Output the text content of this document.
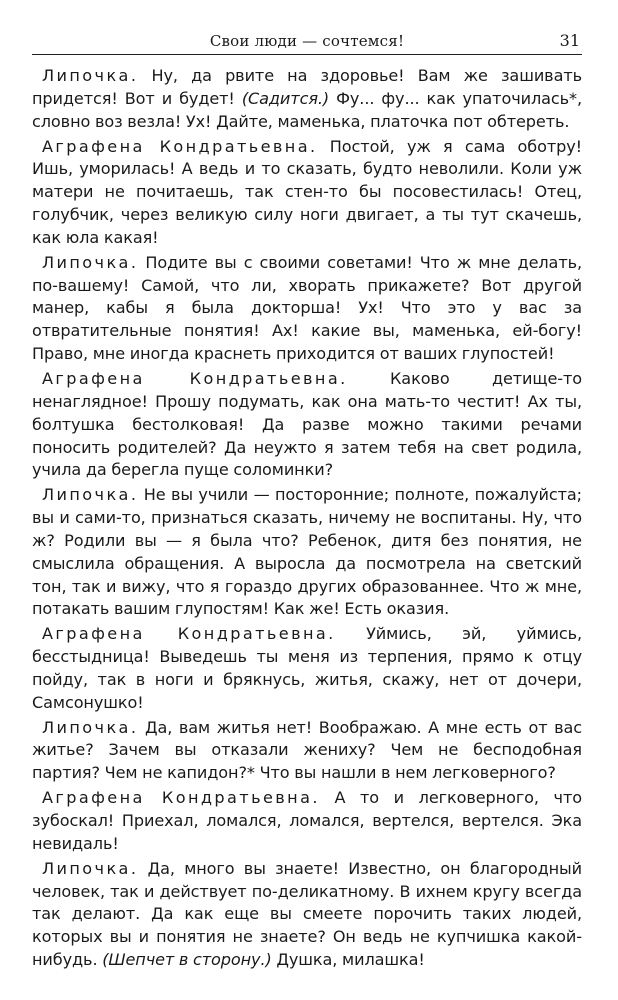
Свои люди — сочтемся!	31

Липочка. Ну, да рвите на здоровье! Вам же зашивать придется! Вот и будет! (Садится.) Фу... фу... как упаточилась*, словно воз везла! Ух! Дайте, маменька, платочка пот обтереть.

Аграфена Кондратьевна. Постой, уж я сама оботру! Ишь, уморилась! А ведь и то сказать, будто неволили. Коли уж матери не почитаешь, так стен-то бы посовестилась! Отец, голубчик, через великую силу ноги двигает, а ты тут скачешь, как юла какая!

Липочка. Подите вы с своими советами! Что ж мне делать, по-вашему! Самой, что ли, хворать прикажете? Вот другой манер, кабы я была докторша! Ух! Что это у вас за отвратительные понятия! Ах! какие вы, маменька, ей-богу! Право, мне иногда краснеть приходится от ваших глупостей!

Аграфена Кондратьевна. Каково детище-то ненаглядное! Прошу подумать, как она мать-то честит! Ах ты, болтушка бестолковая! Да разве можно такими речами поносить родителей? Да неужто я затем тебя на свет родила, учила да берегла пуще соломинки?

Липочка. Не вы учили — посторонние; полноте, пожалуйста; вы и сами-то, признаться сказать, ничему не воспитаны. Ну, что ж? Родили вы — я была что? Ребенок, дитя без понятия, не смыслила обращения. А выросла да посмотрела на светский тон, так и вижу, что я гораздо других образованнее. Что ж мне, потакать вашим глупостям! Как же! Есть оказия.

Аграфена Кондратьевна. Уймись, эй, уймись, бесстыдница! Выведешь ты меня из терпения, прямо к отцу пойду, так в ноги и брякнусь, житья, скажу, нет от дочери, Самсонушко!

Липочка. Да, вам житья нет! Воображаю. А мне есть от вас житье? Зачем вы отказали жениху? Чем не бесподобная партия? Чем не капидон?* Что вы нашли в нем легковерного?

Аграфена Кондратьевна. А то и легковерного, что зубоскал! Приехал, ломался, ломался, вертелся, вертелся. Эка невидаль!

Липочка. Да, много вы знаете! Известно, он благородный человек, так и действует по-деликатному. В ихнем кругу всегда так делают. Да как еще вы смеете порочить таких людей, которых вы и понятия не знаете? Он ведь не купчишка какой-нибудь. (Шепчет в сторону.) Душка, милашка!
